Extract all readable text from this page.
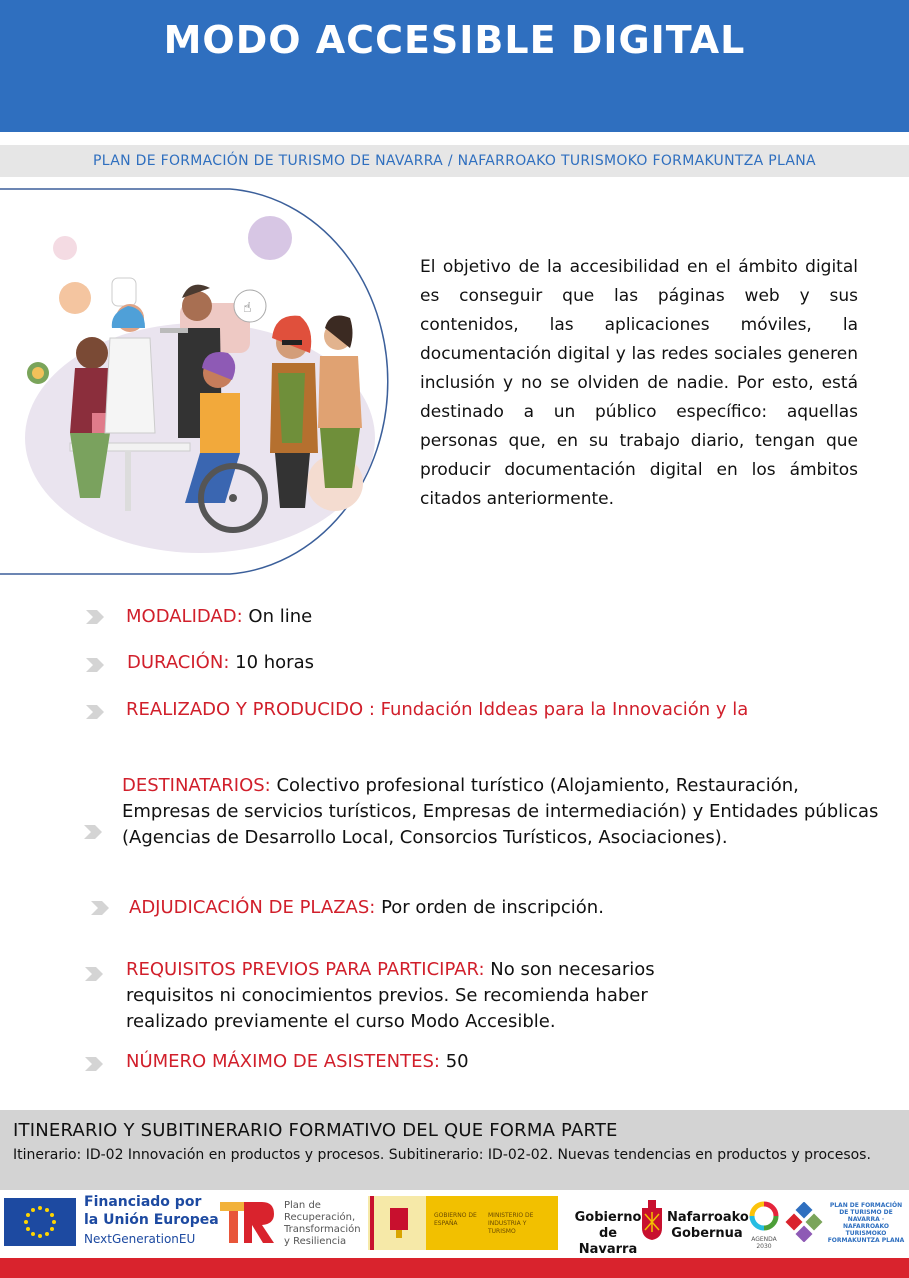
MODO ACCESIBLE DIGITAL
PLAN DE FORMACIÓN DE TURISMO DE NAVARRA / NAFARROAKO TURISMOKO FORMAKUNTZA PLANA
☝
El objetivo de la accesibilidad en el ámbito digital es conseguir que las páginas web y sus contenidos, las aplicaciones móviles, la documentación digital y las redes sociales generen inclusión y no se olviden de nadie. Por esto, está destinado a un público específico: aquellas personas que, en su trabajo diario, tengan que producir documentación digital en los ámbitos citados anteriormente.
MODALIDAD: On line
DURACIÓN: 10 horas
REALIZADO Y PRODUCIDO : Fundación Iddeas para la Innovación y la
DESTINATARIOS: Colectivo profesional turístico (Alojamiento, Restauración, Empresas de servicios turísticos, Empresas de intermediación) y Entidades públicas (Agencias de Desarrollo Local, Consorcios Turísticos, Asociaciones).
ADJUDICACIÓN DE PLAZAS: Por orden de inscripción.
REQUISITOS PREVIOS PARA PARTICIPAR: No son necesarios requisitos ni conocimientos previos. Se recomienda haber realizado previamente el curso Modo Accesible.
NÚMERO MÁXIMO DE ASISTENTES: 50
ITINERARIO Y SUBITINERARIO FORMATIVO DEL QUE FORMA PARTE
Itinerario: ID-02 Innovación en productos y procesos. Subitinerario: ID-02-02. Nuevas tendencias en productos y procesos.
Financiado por
la Unión Europea
NextGenerationEU
Plan de Recuperación, Transformación y Resiliencia
GOBIERNO DE ESPAÑA
MINISTERIO DE INDUSTRIA Y TURISMO
Gobierno de Navarra
Nafarroako Gobernua	AGENDA 2030
PLAN DE FORMACIÓN DE TURISMO DE NAVARRA · NAFARROAKO TURISMOKO FORMAKUNTZA PLANA
